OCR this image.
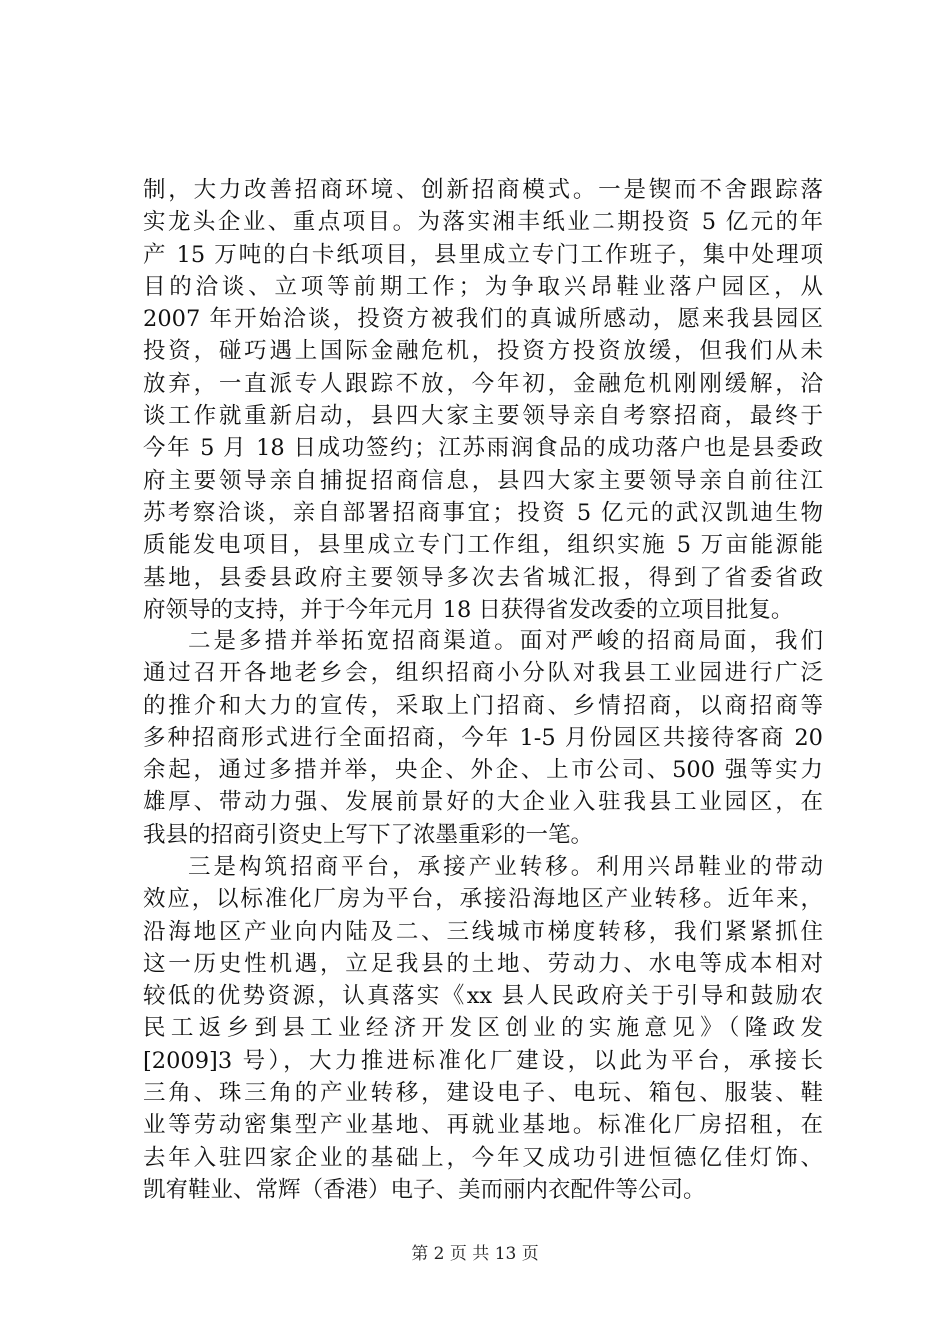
制，大力改善招商环境、创新招商模式。一是锲而不舍跟踪落
实龙头企业、重点项目。为落实湘丰纸业二期投资 5 亿元的年
产 15 万吨的白卡纸项目，县里成立专门工作班子，集中处理项
目的洽谈、立项等前期工作；为争取兴昂鞋业落户园区，从
2007 年开始洽谈，投资方被我们的真诚所感动，愿来我县园区
投资，碰巧遇上国际金融危机，投资方投资放缓，但我们从未
放弃，一直派专人跟踪不放，今年初，金融危机刚刚缓解，洽
谈工作就重新启动，县四大家主要领导亲自考察招商，最终于
今年 5 月 18 日成功签约；江苏雨润食品的成功落户也是县委政
府主要领导亲自捕捉招商信息，县四大家主要领导亲自前往江
苏考察洽谈，亲自部署招商事宜；投资 5 亿元的武汉凯迪生物
质能发电项目，县里成立专门工作组，组织实施 5 万亩能源能
基地，县委县政府主要领导多次去省城汇报，得到了省委省政
府领导的支持，并于今年元月 18 日获得省发改委的立项目批复。
二是多措并举拓宽招商渠道。面对严峻的招商局面，我们
通过召开各地老乡会，组织招商小分队对我县工业园进行广泛
的推介和大力的宣传，采取上门招商、乡情招商，以商招商等
多种招商形式进行全面招商，今年 1-5 月份园区共接待客商 20
余起，通过多措并举，央企、外企、上市公司、500 强等实力
雄厚、带动力强、发展前景好的大企业入驻我县工业园区，在
我县的招商引资史上写下了浓墨重彩的一笔。
三是构筑招商平台，承接产业转移。利用兴昂鞋业的带动
效应，以标准化厂房为平台，承接沿海地区产业转移。近年来，
沿海地区产业向内陆及二、三线城市梯度转移，我们紧紧抓住
这一历史性机遇，立足我县的土地、劳动力、水电等成本相对
较低的优势资源，认真落实《xx 县人民政府关于引导和鼓励农
民工返乡到县工业经济开发区创业的实施意见》（隆政发
[2009]3 号），大力推进标准化厂建设，以此为平台，承接长
三角、珠三角的产业转移，建设电子、电玩、箱包、服装、鞋
业等劳动密集型产业基地、再就业基地。标准化厂房招租，在
去年入驻四家企业的基础上，今年又成功引进恒德亿佳灯饰、
凯宥鞋业、常辉（香港）电子、美而丽内衣配件等公司。
第 2 页 共 13 页
